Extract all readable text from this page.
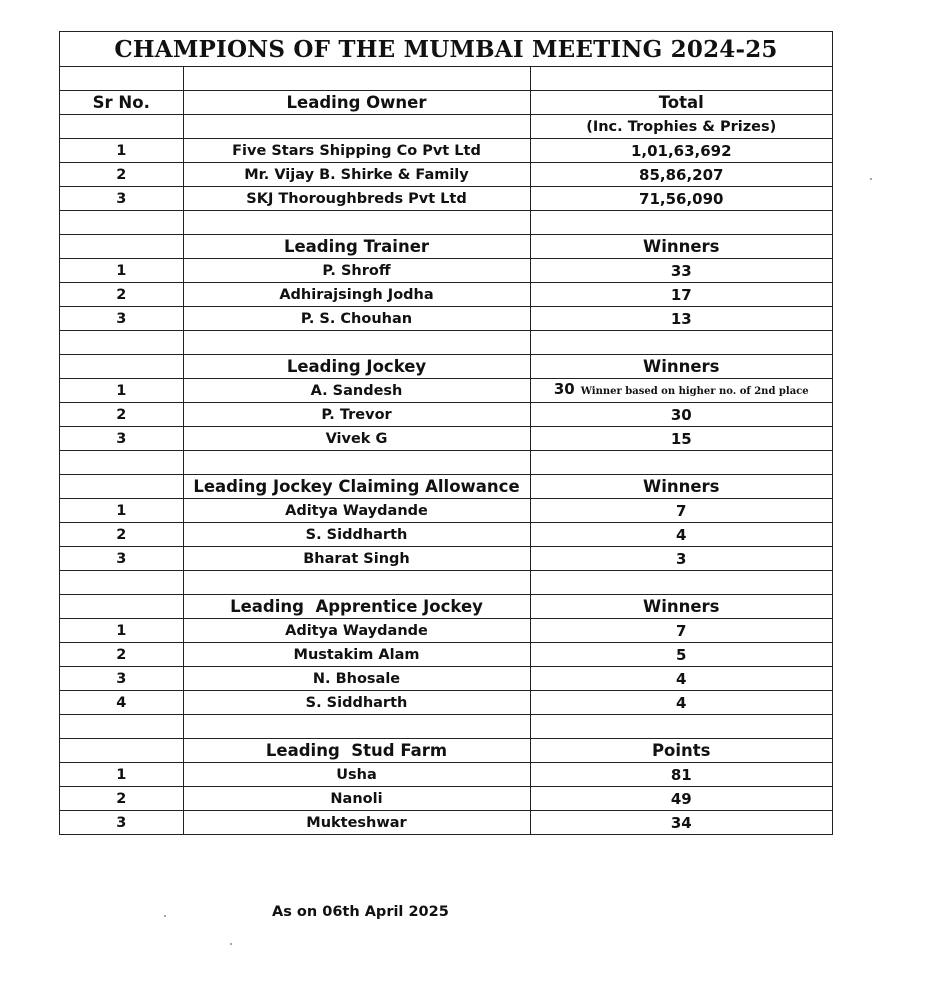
CHAMPIONS OF THE MUMBAI MEETING 2024-25

Sr No.	Leading Owner	Total
		(Inc. Trophies & Prizes)
1	Five Stars Shipping Co Pvt Ltd	1,01,63,692
2	Mr. Vijay B. Shirke & Family	85,86,207
3	SKJ Thoroughbreds Pvt Ltd	71,56,090

	Leading Trainer	Winners
1	P. Shroff	33
2	Adhirajsingh Jodha	17
3	P. S. Chouhan	13

	Leading Jockey	Winners
1	A. Sandesh	30 Winner based on higher no. of 2nd place
2	P. Trevor	30
3	Vivek G	15

	Leading Jockey Claiming Allowance	Winners
1	Aditya Waydande	7
2	S. Siddharth	4
3	Bharat Singh	3

	Leading  Apprentice Jockey	Winners
1	Aditya Waydande	7
2	Mustakim Alam	5
3	N. Bhosale	4
4	S. Siddharth	4

	Leading  Stud Farm	Points
1	Usha	81
2	Nanoli	49
3	Mukteshwar	34
As on 06th April 2025
